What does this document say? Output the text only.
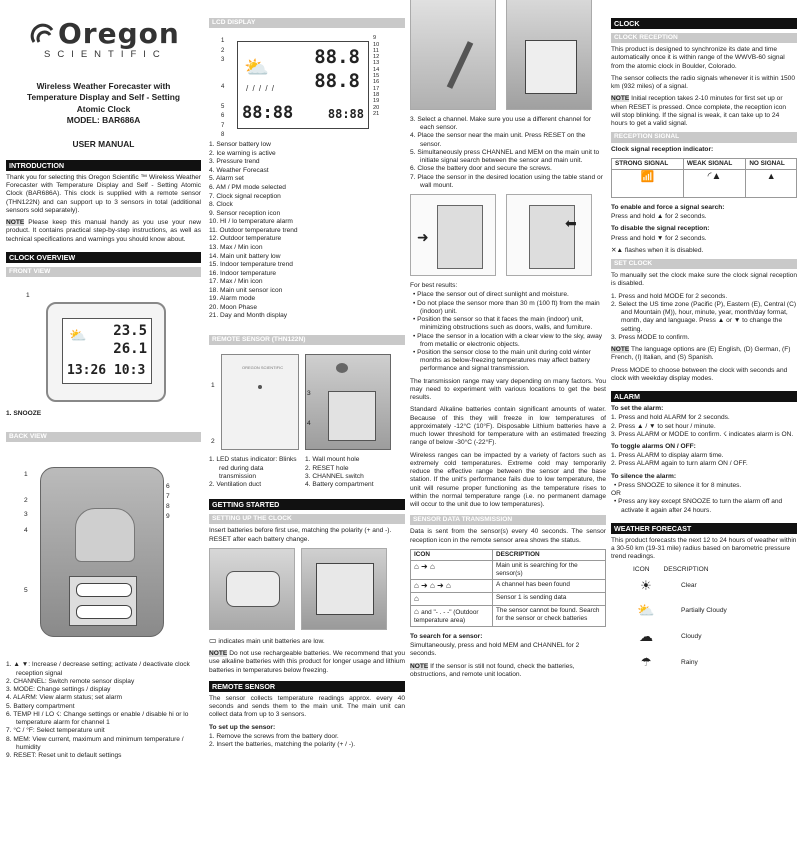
Oregon
SCIENTIFIC
Wireless Weather Forecaster with Temperature Display and Self - Setting Atomic Clock
MODEL: BAR686A
USER MANUAL
INTRODUCTION

Thank you for selecting this Oregon Scientific ™ Wireless Weather Forecaster with Temperature Display and Self - Setting Atomic Clock (BAR686A). This clock is supplied with a remote sensor (THN122N) and can support up to 3 sensors in total (additional sensors sold separately).

NOTE Please keep this manual handy as you use your new product. It contains practical step-by-step instructions, as well as technical specifications and warnings you should know about.

CLOCK OVERVIEW
FRONT VIEW
1
⛅ 23.5
26.1
13:26 10:3
1. SNOOZE
BACK VIEW
1
2
3
4
5
6
7
8
9
1. ▲ ▼: Increase / decrease setting; activate / deactivate clock reception signal
2. CHANNEL: Switch remote sensor display
3. MODE: Change settings / display
4. ALARM: View alarm status; set alarm
5. Battery compartment
6. TEMP HI / LO ☇: Change settings or enable / disable hi or lo temperature alarm for channel 1
7. °C / °F: Select temperature unit
8. MEM: View current, maximum and minimum temperature / humidity
9. RESET: Reset unit to default settings
LCD DISPLAY
1
2
3
4
5
6
7
8
⛅
/ / / / /
88.8
88.8
88:88	88:88
9
10
11
12
13
14
15
16
17
18
19
20
21
1. Sensor battery low
2. Ice warning is active
3. Pressure trend
4. Weather Forecast
5. Alarm set
6. AM / PM mode selected
7. Clock signal reception
8. Clock
9. Sensor reception icon
10. HI / lo temperature alarm
11. Outdoor temperature trend
12. Outdoor temperature
13. Max / Min icon
14. Main unit battery low
15. Indoor temperature trend
16. Indoor temperature
17. Max / Min icon
18. Main unit sensor icon
19. Alarm mode
20. Moon Phase
21. Day and Month display
REMOTE SENSOR (THN122N)
1
2
OREGON SCIENTIFIC
3
4
1. LED status indicator: Blinks red during data transmission
2. Ventilation duct
1. Wall mount hole
2. RESET hole
3. CHANNEL switch
4. Battery compartment
GETTING STARTED
SETTING UP THE CLOCK

Insert batteries before first use, matching the polarity (+ and -). RESET after each battery change.

▭ indicates main unit batteries are low.

NOTE Do not use rechargeable batteries. We recommend that you use alkaline batteries with this product for longer usage and lithium batteries in temperatures below freezing.

REMOTE SENSOR

The sensor collects temperature readings approx. every 40 seconds and sends them to the main unit. The main unit can collect data from up to 3 sensors.

To set up the sensor:

1. Remove the screws from the battery door.
2. Insert the batteries, matching the polarity (+ / -).
3. Select a channel. Make sure you use a different channel for each sensor.
4. Place the sensor near the main unit. Press RESET on the sensor.
5. Simultaneously press CHANNEL and MEM on the main unit to initiate signal search between the sensor and main unit.
6. Close the battery door and secure the screws.
7. Place the sensor in the desired location using the table stand or wall mount.
➜
⬅

For best results:

• Place the sensor out of direct sunlight and moisture.
• Do not place the sensor more than 30 m (100 ft) from the main (indoor) unit.
• Position the sensor so that it faces the main (indoor) unit, minimizing obstructions such as doors, walls, and furniture.
• Place the sensor in a location with a clear view to the sky, away from metallic or electronic objects.
• Position the sensor close to the main unit during cold winter months as below-freezing temperatures may affect battery performance and signal transmission.

The transmission range may vary depending on many factors. You may need to experiment with various locations to get the best results.

Standard Alkaline batteries contain significant amounts of water. Because of this they will freeze in low temperatures of approximately -12°C (10°F). Disposable Lithium batteries have a much lower threshold for temperature with an estimated freezing range of below -30°C (-22°F).

Wireless ranges can be impacted by a variety of factors such as extremely cold temperatures. Extreme cold may temporarily reduce the effective range between the sensor and the base station. If the unit's performance fails due to low temperature, the unit will resume proper functioning as the temperature rises to within the normal temperature range (i.e. no permanent damage will occur to the unit due to low temperatures).

SENSOR DATA TRANSMISSION

Data is sent from the sensor(s) every 40 seconds. The sensor reception icon in the remote sensor area shows the status.

ICON	DESCRIPTION
⌂ ➜ ⌂	Main unit is searching for the sensor(s)
⌂ ➜ ⌂ ➜ ⌂	A channel has been found
⌂	Sensor 1 is sending data
⌂ and "- . - -" (Outdoor temperature area)	The sensor cannot be found. Search for the sensor or check batteries

To search for a sensor:

Simultaneously, press and hold MEM and CHANNEL for 2 seconds.

NOTE If the sensor is still not found, check the batteries, obstructions, and remote unit location.

CLOCK
CLOCK RECEPTION

This product is designed to synchronize its date and time automatically once it is within range of the WWVB-60 signal from the atomic clock in Boulder, Colorado.

The sensor collects the radio signals whenever it is within 1500 km (932 miles) of a signal.

NOTE Initial reception takes 2-10 minutes for first set up or when RESET is pressed. Once complete, the reception icon will stop blinking. If the signal is weak, it can take up to 24 hours to get a valid signal.

RECEPTION SIGNAL

Clock signal reception indicator:

STRONG SIGNAL	WEAK SIGNAL	NO SIGNAL
📶	◜▲	▲

To enable and force a signal search:

Press and hold ▲ for 2 seconds.

To disable the signal reception:

Press and hold ▼ for 2 seconds.

✕▲ flashes when it is disabled.

SET CLOCK

To manually set the clock make sure the clock signal reception is disabled.

1. Press and hold MODE for 2 seconds.
2. Select the US time zone (Pacific (P), Eastern (E), Central (C) and Mountain (M)), hour, minute, year, month/day format, month, day and language. Press ▲ or ▼ to change the setting.
3. Press MODE to confirm.

NOTE The language options are (E) English, (D) German, (F) French, (I) Italian, and (S) Spanish.

Press MODE to choose between the clock with seconds and clock with weekday display modes.

ALARM

To set the alarm:

1. Press and hold ALARM for 2 seconds.
2. Press ▲ / ▼ to set hour / minute.
3. Press ALARM or MODE to confirm. ☇ indicates alarm is ON.

To toggle alarms ON / OFF:

1. Press ALARM to display alarm time.
2. Press ALARM again to turn alarm ON / OFF.

To silence the alarm:

• Press SNOOZE to silence it for 8 minutes.
OR
• Press any key except SNOOZE to turn the alarm off and activate it again after 24 hours.
WEATHER FORECAST

This product forecasts the next 12 to 24 hours of weather within a 30-50 km (19-31 mile) radius based on barometric pressure trend readings.

ICON DESCRIPTION
☀	Clear
⛅	Partially Cloudy
☁	Cloudy
☂	Rainy
